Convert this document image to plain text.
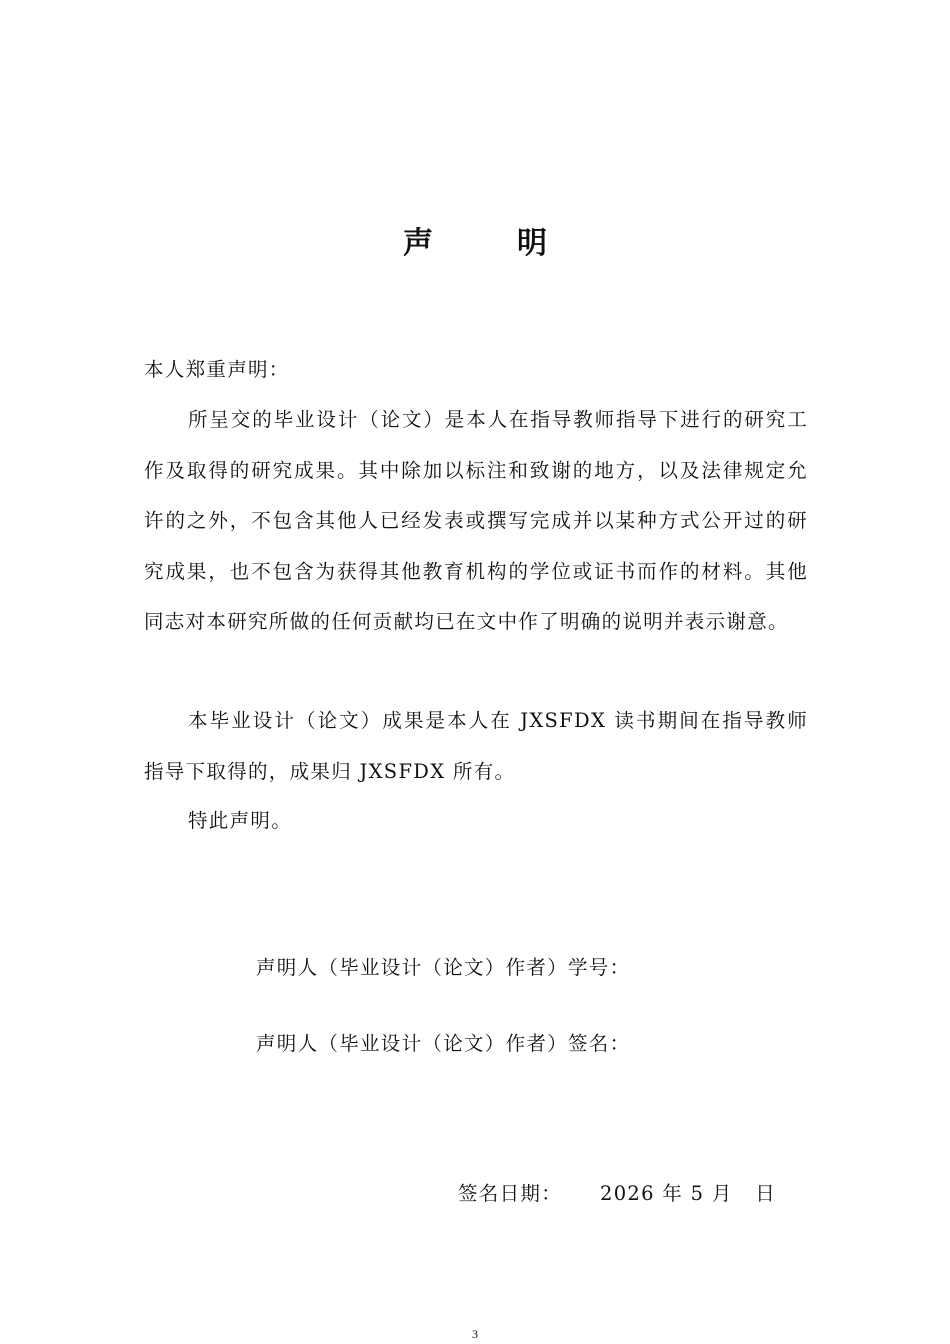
声明
本人郑重声明：
所呈交的毕业设计（论文）是本人在指导教师指导下进行的研究工作及取得的研究成果。其中除加以标注和致谢的地方，以及法律规定允许的之外，不包含其他人已经发表或撰写完成并以某种方式公开过的研究成果，也不包含为获得其他教育机构的学位或证书而作的材料。其他同志对本研究所做的任何贡献均已在文中作了明确的说明并表示谢意。
本毕业设计（论文）成果是本人在 JXSFDX 读书期间在指导教师指导下取得的，成果归 JXSFDX 所有。
特此声明。
声明人（毕业设计（论文）作者）学号：
声明人（毕业设计（论文）作者）签名：
签名日期： 2026 年 5 月 日
3
